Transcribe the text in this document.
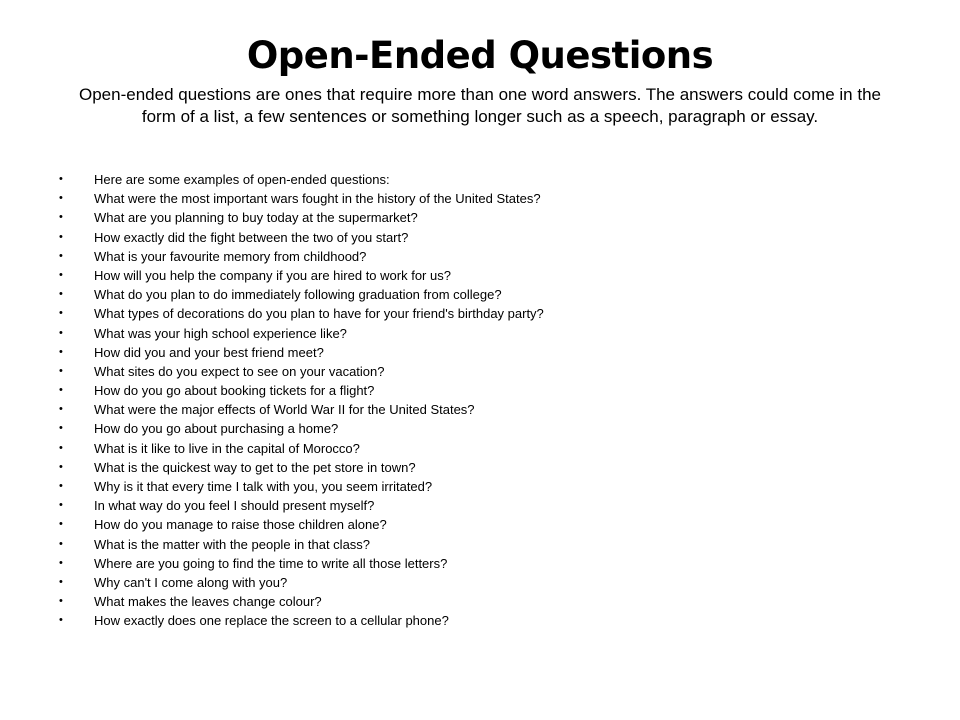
Open-Ended Questions

Open-ended questions are ones that require more than one word answers. The answers could come in the form of a list, a few sentences or something longer such as a speech, paragraph or essay.

• Here are some examples of open-ended questions:
• What were the most important wars fought in the history of the United States?
• What are you planning to buy today at the supermarket?
• How exactly did the fight between the two of you start?
• What is your favourite memory from childhood?
• How will you help the company if you are hired to work for us?
• What do you plan to do immediately following graduation from college?
• What types of decorations do you plan to have for your friend's birthday party?
• What was your high school experience like?
• How did you and your best friend meet?
• What sites do you expect to see on your vacation?
• How do you go about booking tickets for a flight?
• What were the major effects of World War II for the United States?
• How do you go about purchasing a home?
• What is it like to live in the capital of Morocco?
• What is the quickest way to get to the pet store in town?
• Why is it that every time I talk with you, you seem irritated?
• In what way do you feel I should present myself?
• How do you manage to raise those children alone?
• What is the matter with the people in that class?
• Where are you going to find the time to write all those letters?
• Why can't I come along with you?
• What makes the leaves change colour?
• How exactly does one replace the screen to a cellular phone?
